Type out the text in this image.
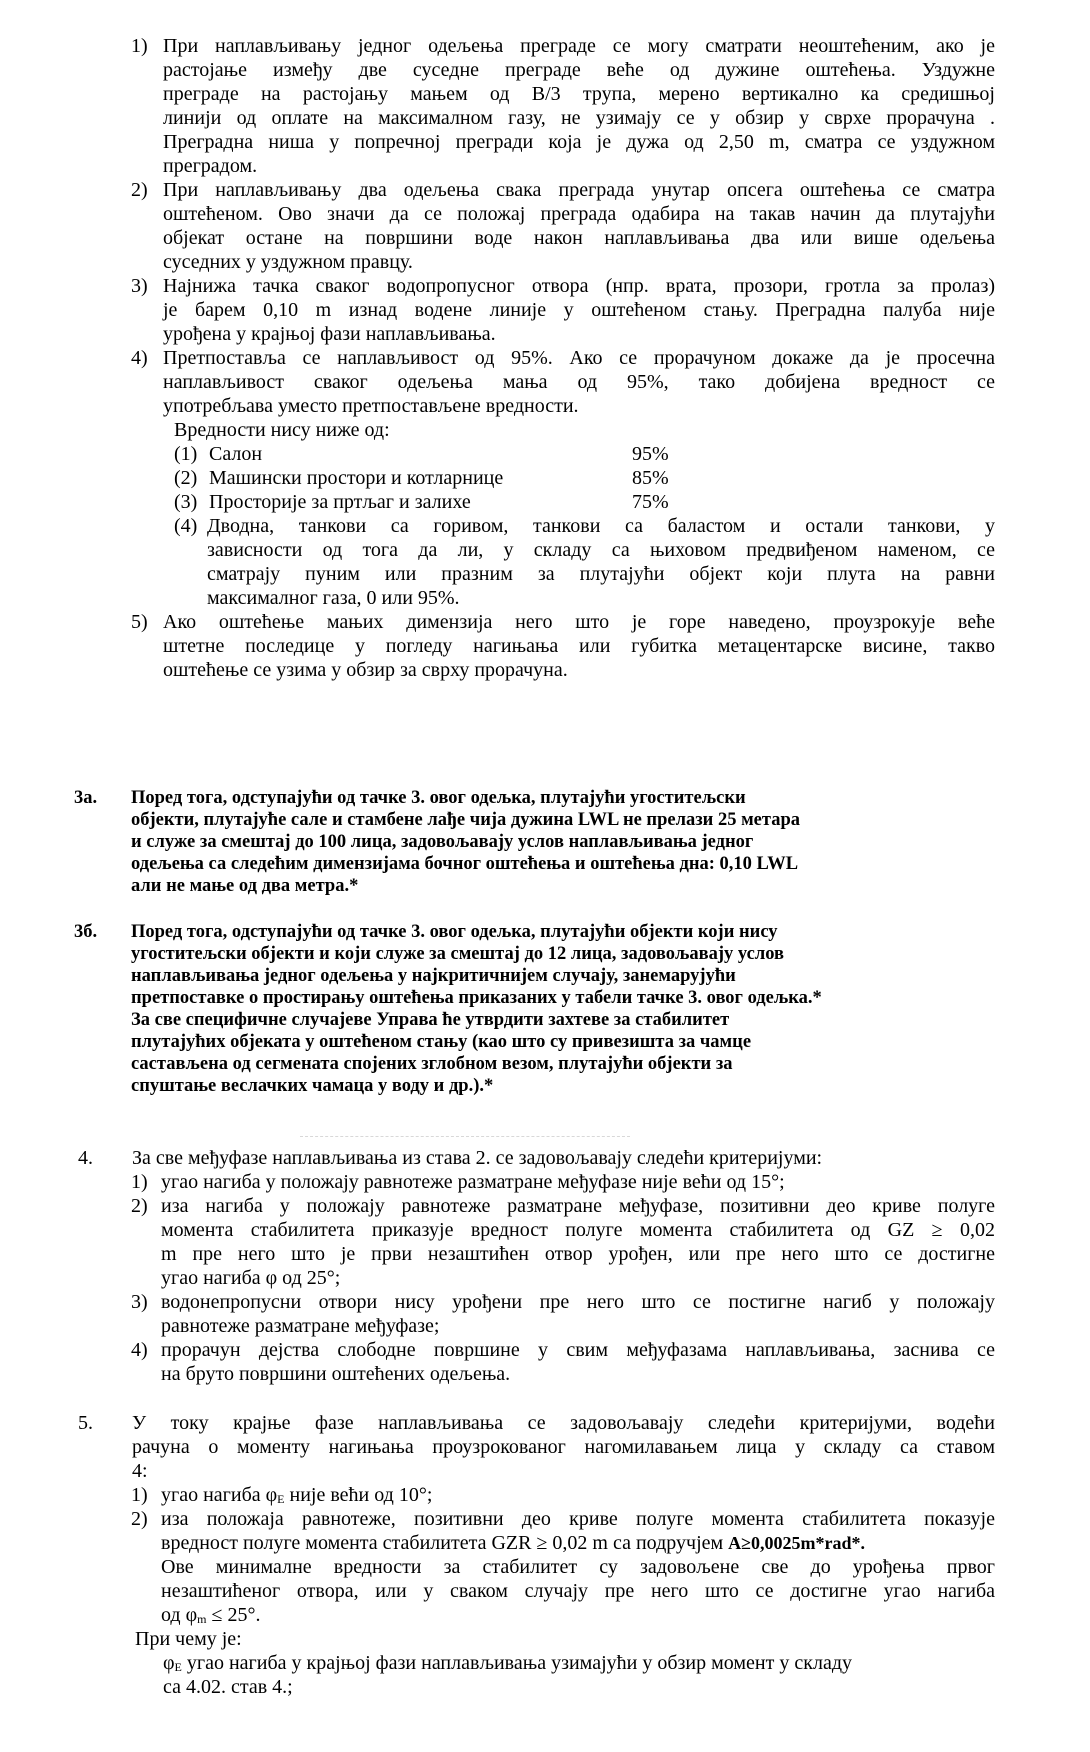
1) При наплављивању једног одељења преграде се могу сматрати неоштећеним, ако је
растојање између две суседне преграде веће од дужине оштећења. Уздужне
преграде на растојању мањем од B/3 трупа, мерено вертикално ка средишњој
линији од оплате на максималном газу, не узимају се у обзир у сврхе прорачуна .
Преградна ниша у попречној прегради која је дужа од 2,50 m, сматра се уздужном
преградом.
2) При наплављивању два одељења свака преграда унутар опсега оштећења се сматра
оштећеном. Ово значи да се положај преграда одабира на такав начин да плутајући
објекат остане на површини воде након наплављивања два или више одељења
суседних у уздужном правцу.
3) Најнижа тачка сваког водопропусног отвора (нпр. врата, прозори, гротла за пролаз)
је барем 0,10 m изнад водене линије у оштећеном стању. Преградна палуба није
урођена у крајњој фази наплављивања.
4) Претпоставља се наплављивост од 95%. Ако се прорачуном докаже да је просечна
наплављивост сваког одељења мања од 95%, тако добијена вредност се
употребљава уместо претпостављене вредности.
Вредности нису ниже од:
(1) Салон	95%
(2) Машински простори и котларнице	85%
(3) Просторије за пртљаг и залихе	75%
(4) Дводна, танкови са горивом, танкови са баластом и остали танкови, у
зависности од тога да ли, у складу са њиховом предвиђеном наменом, се
сматрају пуним или празним за плутајући објект који плута на равни
максималног газа, 0 или 95%.
5) Ако оштећење мањих димензија него што је горе наведено, проузрокује веће
штетне последице у погледу нагињања или губитка метацентарске висине, такво
оштећење се узима у обзир за сврху прорачуна.
3а. Поред тога, одступајући од тачке 3. овог одељка, плутајући угоститељски
објекти, плутајуће сале и стамбене лађе чија дужина LWL не прелази 25 метара
и служе за смештај до 100 лица, задовољавају услов наплављивања једног
одељења са следећим димензијама бочног оштећења и оштећења дна: 0,10 LWL
али не мање од два метра.*
3б. Поред тога, одступајући од тачке 3. овог одељка, плутајући објекти који нису
угоститељски објекти и који служе за смештај до 12 лица, задовољавају услов
наплављивања једног одељења у најкритичнијем случају, занемарујући
претпоставке о простирању оштећења приказаних у табели тачке 3. овог одељка.*
За све специфичне случајеве Управа ће утврдити захтеве за стабилитет
плутајућих објеката у оштећеном стању (као што су привезишта за чамце
састављена од сегмената спојених зглобном везом, плутајући објекти за
спуштање веслачких чамаца у воду и др.).*
4. За све међуфазе наплављивања из става 2. се задовољавају следећи критеријуми:
1) угао нагиба у положају равнотеже разматране међуфазе није већи од 15°;
2) иза нагиба у положају равнотеже разматране међуфазе, позитивни део криве полуге
момента стабилитета приказује вредност полуге момента стабилитета од GZ ≥ 0,02
m пре него што је први незаштићен отвор урођен, или пре него што се достигне
угао нагиба φ од 25°;
3) водонепропусни отвори нису урођени пре него што се постигне нагиб у положају
равнотеже разматране међуфазе;
4) прорачун дејства слободне површине у свим међуфазама наплављивања, заснива се
на бруто површини оштећених одељења.
5. У току крајње фазе наплављивања се задовољавају следећи критеријуми, водећи
рачуна о моменту нагињања проузрокованог нагомилавањем лица у складу са ставом
4:
1) угао нагиба $\varphi_E$ није већи од 10°;
2) иза положаја равнотеже, позитивни део криве полуге момента стабилитета показује
вредност полуге момента стабилитета GZR ≥ 0,02 m са подручјем A≥0,0025m*rad*.
Ове минималне вредности за стабилитет су задовољене све до урођења првог
незаштићеног отвора, или у сваком случају пре него што се достигне угао нагиба
од $\varphi_m \le 25^\circ$.
При чему је:
$\varphi_E$ угао нагиба у крајњој фази наплављивања узимајући у обзир момент у складу
са 4.02. став 4.;
